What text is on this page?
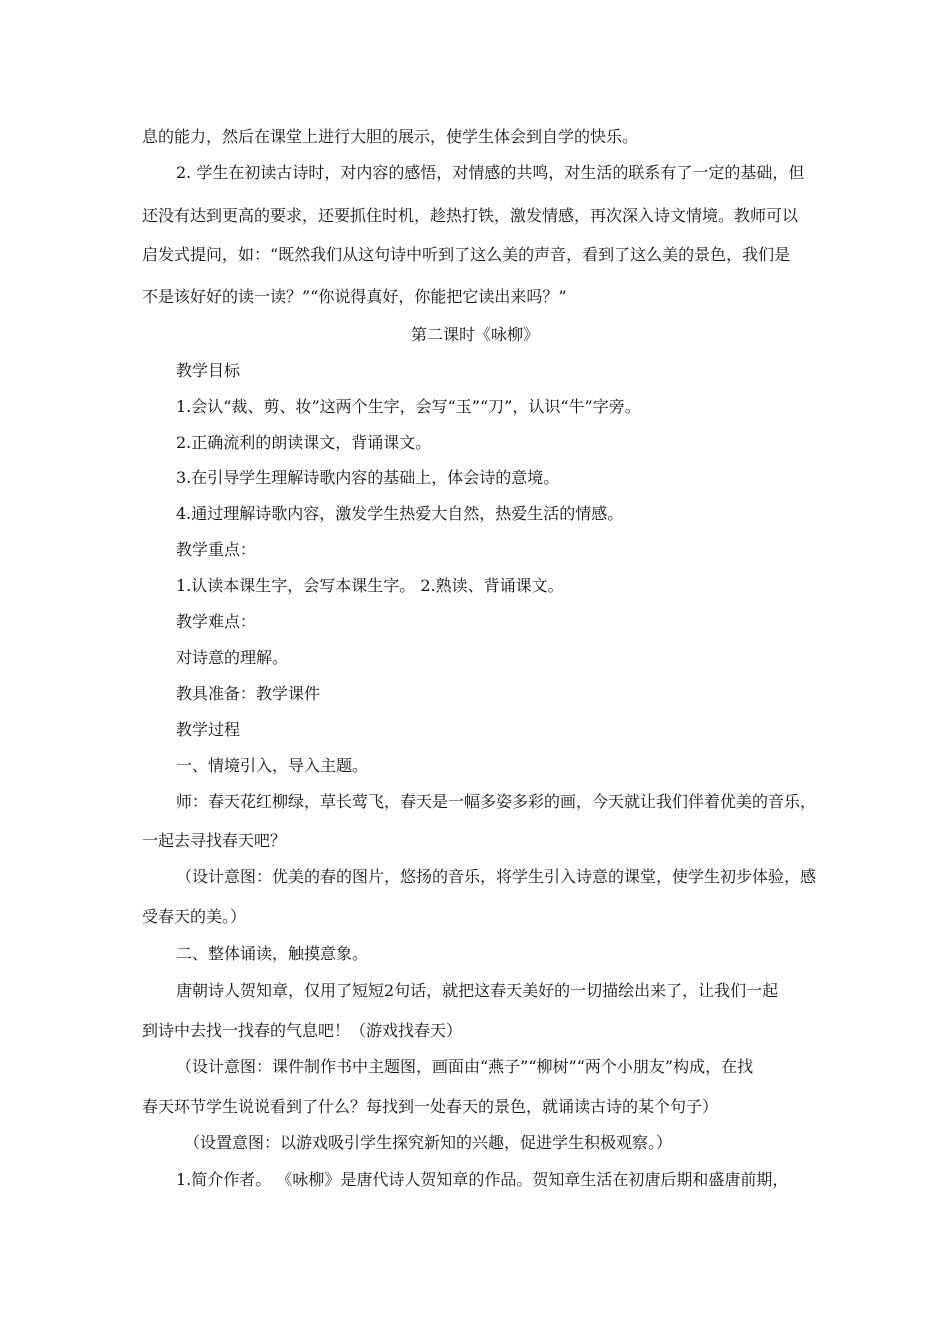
息的能力，然后在课堂上进行大胆的展示，使学生体会到自学的快乐。
2. 学生在初读古诗时，对内容的感悟，对情感的共鸣，对生活的联系有了一定的基础，但
还没有达到更高的要求，还要抓住时机，趁热打铁，激发情感，再次深入诗文情境。教师可以
启发式提问，如：“既然我们从这句诗中听到了这么美的声音，看到了这么美的景色，我们是
不是该好好的读一读？”“你说得真好，你能把它读出来吗？”
第二课时《咏柳》
教学目标
1.会认“裁、剪、妆”这两个生字，会写“玉”“刀”，认识“牛”字旁。
2.正确流利的朗读课文，背诵课文。
3.在引导学生理解诗歌内容的基础上，体会诗的意境。
4.通过理解诗歌内容，激发学生热爱大自然，热爱生活的情感。
教学重点：
1.认读本课生字，会写本课生字。 2.熟读、背诵课文。
教学难点：
对诗意的理解。
教具准备：教学课件
教学过程
一、情境引入，导入主题。
师：春天花红柳绿，草长莺飞，春天是一幅多姿多彩的画，今天就让我们伴着优美的音乐，
一起去寻找春天吧？
（设计意图：优美的春的图片，悠扬的音乐，将学生引入诗意的课堂，使学生初步体验，感
受春天的美。）
二、整体诵读，触摸意象。
唐朝诗人贺知章，仅用了短短2句话，就把这春天美好的一切描绘出来了，让我们一起
到诗中去找一找春的气息吧！（游戏找春天）
（设计意图：课件制作书中主题图，画面由“燕子”“柳树”“两个小朋友”构成，在找
春天环节学生说说看到了什么？每找到一处春天的景色，就诵读古诗的某个句子）
（设置意图：以游戏吸引学生探究新知的兴趣，促进学生积极观察。）
1.简介作者。 《咏柳》是唐代诗人贺知章的作品。贺知章生活在初唐后期和盛唐前期，
